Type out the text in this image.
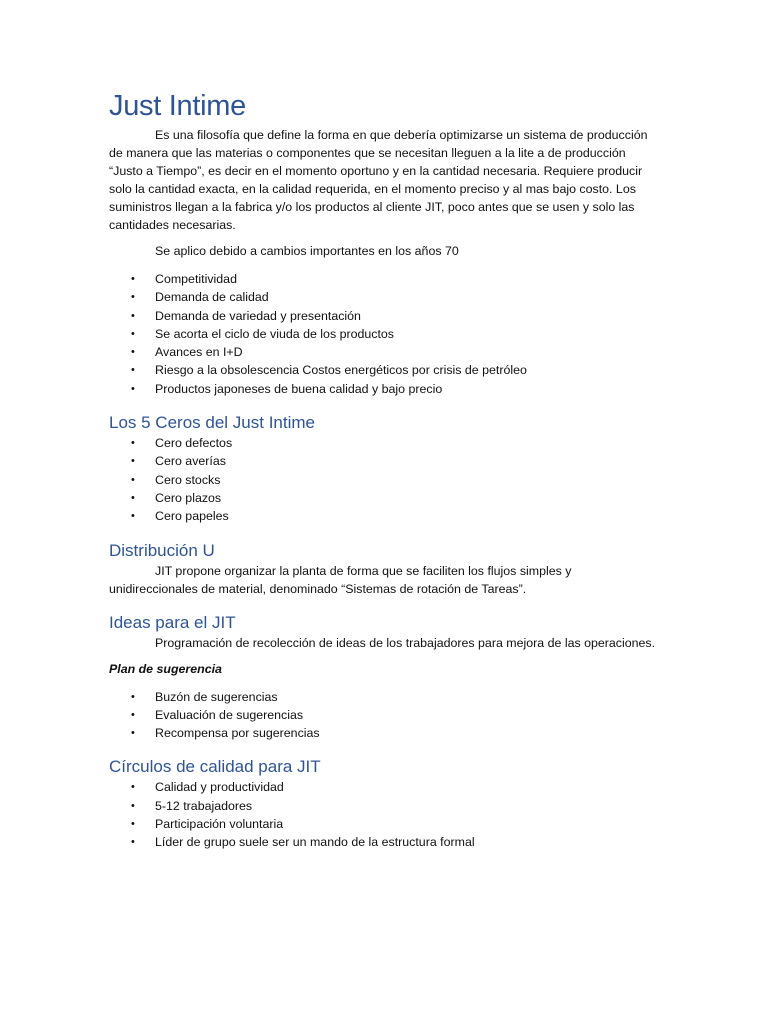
Just Intime

Es una filosofía que define la forma en que debería optimizarse un sistema de producción de manera que las materias o componentes que se necesitan lleguen a la lite a de producción “Justo a Tiempo”, es decir en el momento oportuno y en la cantidad necesaria. Requiere producir solo la cantidad exacta, en la calidad requerida, en el momento preciso y al mas bajo costo. Los suministros llegan a la fabrica y/o los productos al cliente JIT, poco antes que se usen y solo las cantidades necesarias.

Se aplico debido a cambios importantes en los años 70

• Competitividad
• Demanda de calidad
• Demanda de variedad y presentación
• Se acorta el ciclo de viuda de los productos
• Avances en I+D
• Riesgo a la obsolescencia Costos energéticos por crisis de petróleo
• Productos japoneses de buena calidad y bajo precio
Los 5 Ceros del Just Intime
• Cero defectos
• Cero averías
• Cero stocks
• Cero plazos
• Cero papeles
Distribución U

JIT propone organizar la planta de forma que se faciliten los flujos simples y unidireccionales de material, denominado “Sistemas de rotación de Tareas”.

Ideas para el JIT

Programación de recolección de ideas de los trabajadores para mejora de las operaciones.

Plan de sugerencia

• Buzón de sugerencias
• Evaluación de sugerencias
• Recompensa por sugerencias
Círculos de calidad para JIT
• Calidad y productividad
• 5-12 trabajadores
• Participación voluntaria
• Líder de grupo suele ser un mando de la estructura formal
